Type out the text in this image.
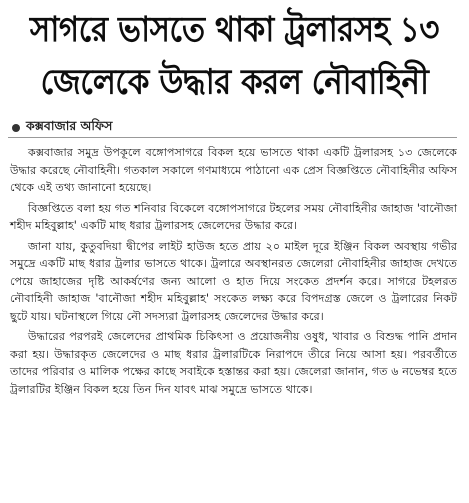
সাগরে ভাসতে থাকা ট্রলারসহ ১৩
জেলেকে উদ্ধার করল নৌবাহিনী
কক্সবাজার অফিস

কক্সবাজার সমুদ্র উপকূলে বঙ্গোপসাগরে বিকল হয়ে ভাসতে থাকা একটি ট্রলারসহ ১৩ জেলেকে উদ্ধার করেছে নৌবাহিনী। গতকাল সকালে গণমাধ্যমে পাঠানো এক প্রেস বিজ্ঞপ্তিতে নৌবাহিনীর অফিস থেকে এই তথ্য জানানো হয়েছে।

বিজ্ঞপ্তিতে বলা হয় গত শনিবার বিকেলে বঙ্গোপসাগরে টহলের সময় নৌবাহিনীর জাহাজ 'বানৌজা শহীদ মহিবুল্লাহ' একটি মাছ ধরার ট্রলারসহ জেলেদের উদ্ধার করে।

জানা যায়, কুতুবদিয়া দ্বীপের লাইট হাউজ হতে প্রায় ২০ মাইল দূরে ইঞ্জিন বিকল অবস্থায় গভীর সমুদ্রে একটি মাছ ধরার ট্রলার ভাসতে থাকে। ট্রলারে অবস্থানরত জেলেরা নৌবাহিনীর জাহাজ দেখতে পেয়ে জাহাজের দৃষ্টি আকর্ষণের জন্য আলো ও হাত দিয়ে সংকেত প্রদর্শন করে। সাগরে টহলরত নৌবাহিনী জাহাজ 'বানৌজা শহীদ মহিবুল্লাহ' সংকেত লক্ষ্য করে বিপদগ্রস্ত জেলে ও ট্রলারের নিকট ছুটে যায়। ঘটনাস্থলে গিয়ে নৌ সদস্যরা ট্রলারসহ জেলেদের উদ্ধার করে।

উদ্ধারের পরপরই জেলেদের প্রাথমিক চিকিৎসা ও প্রয়োজনীয় ওষুধ, খাবার ও বিশুদ্ধ পানি প্রদান করা হয়। উদ্ধারকৃত জেলেদের ও মাছ ধরার ট্রলারটিকে নিরাপদে তীরে নিয়ে আসা হয়। পরবর্তীতে তাদের পরিবার ও মালিক পক্ষের কাছে সবাইকে হস্তান্তর করা হয়। জেলেরা জানান, গত ৬ নভেম্বর হতে ট্রলারটির ইঞ্জিন বিকল হয়ে তিন দিন যাবৎ মাঝ সমুদ্রে ভাসতে থাকে।
